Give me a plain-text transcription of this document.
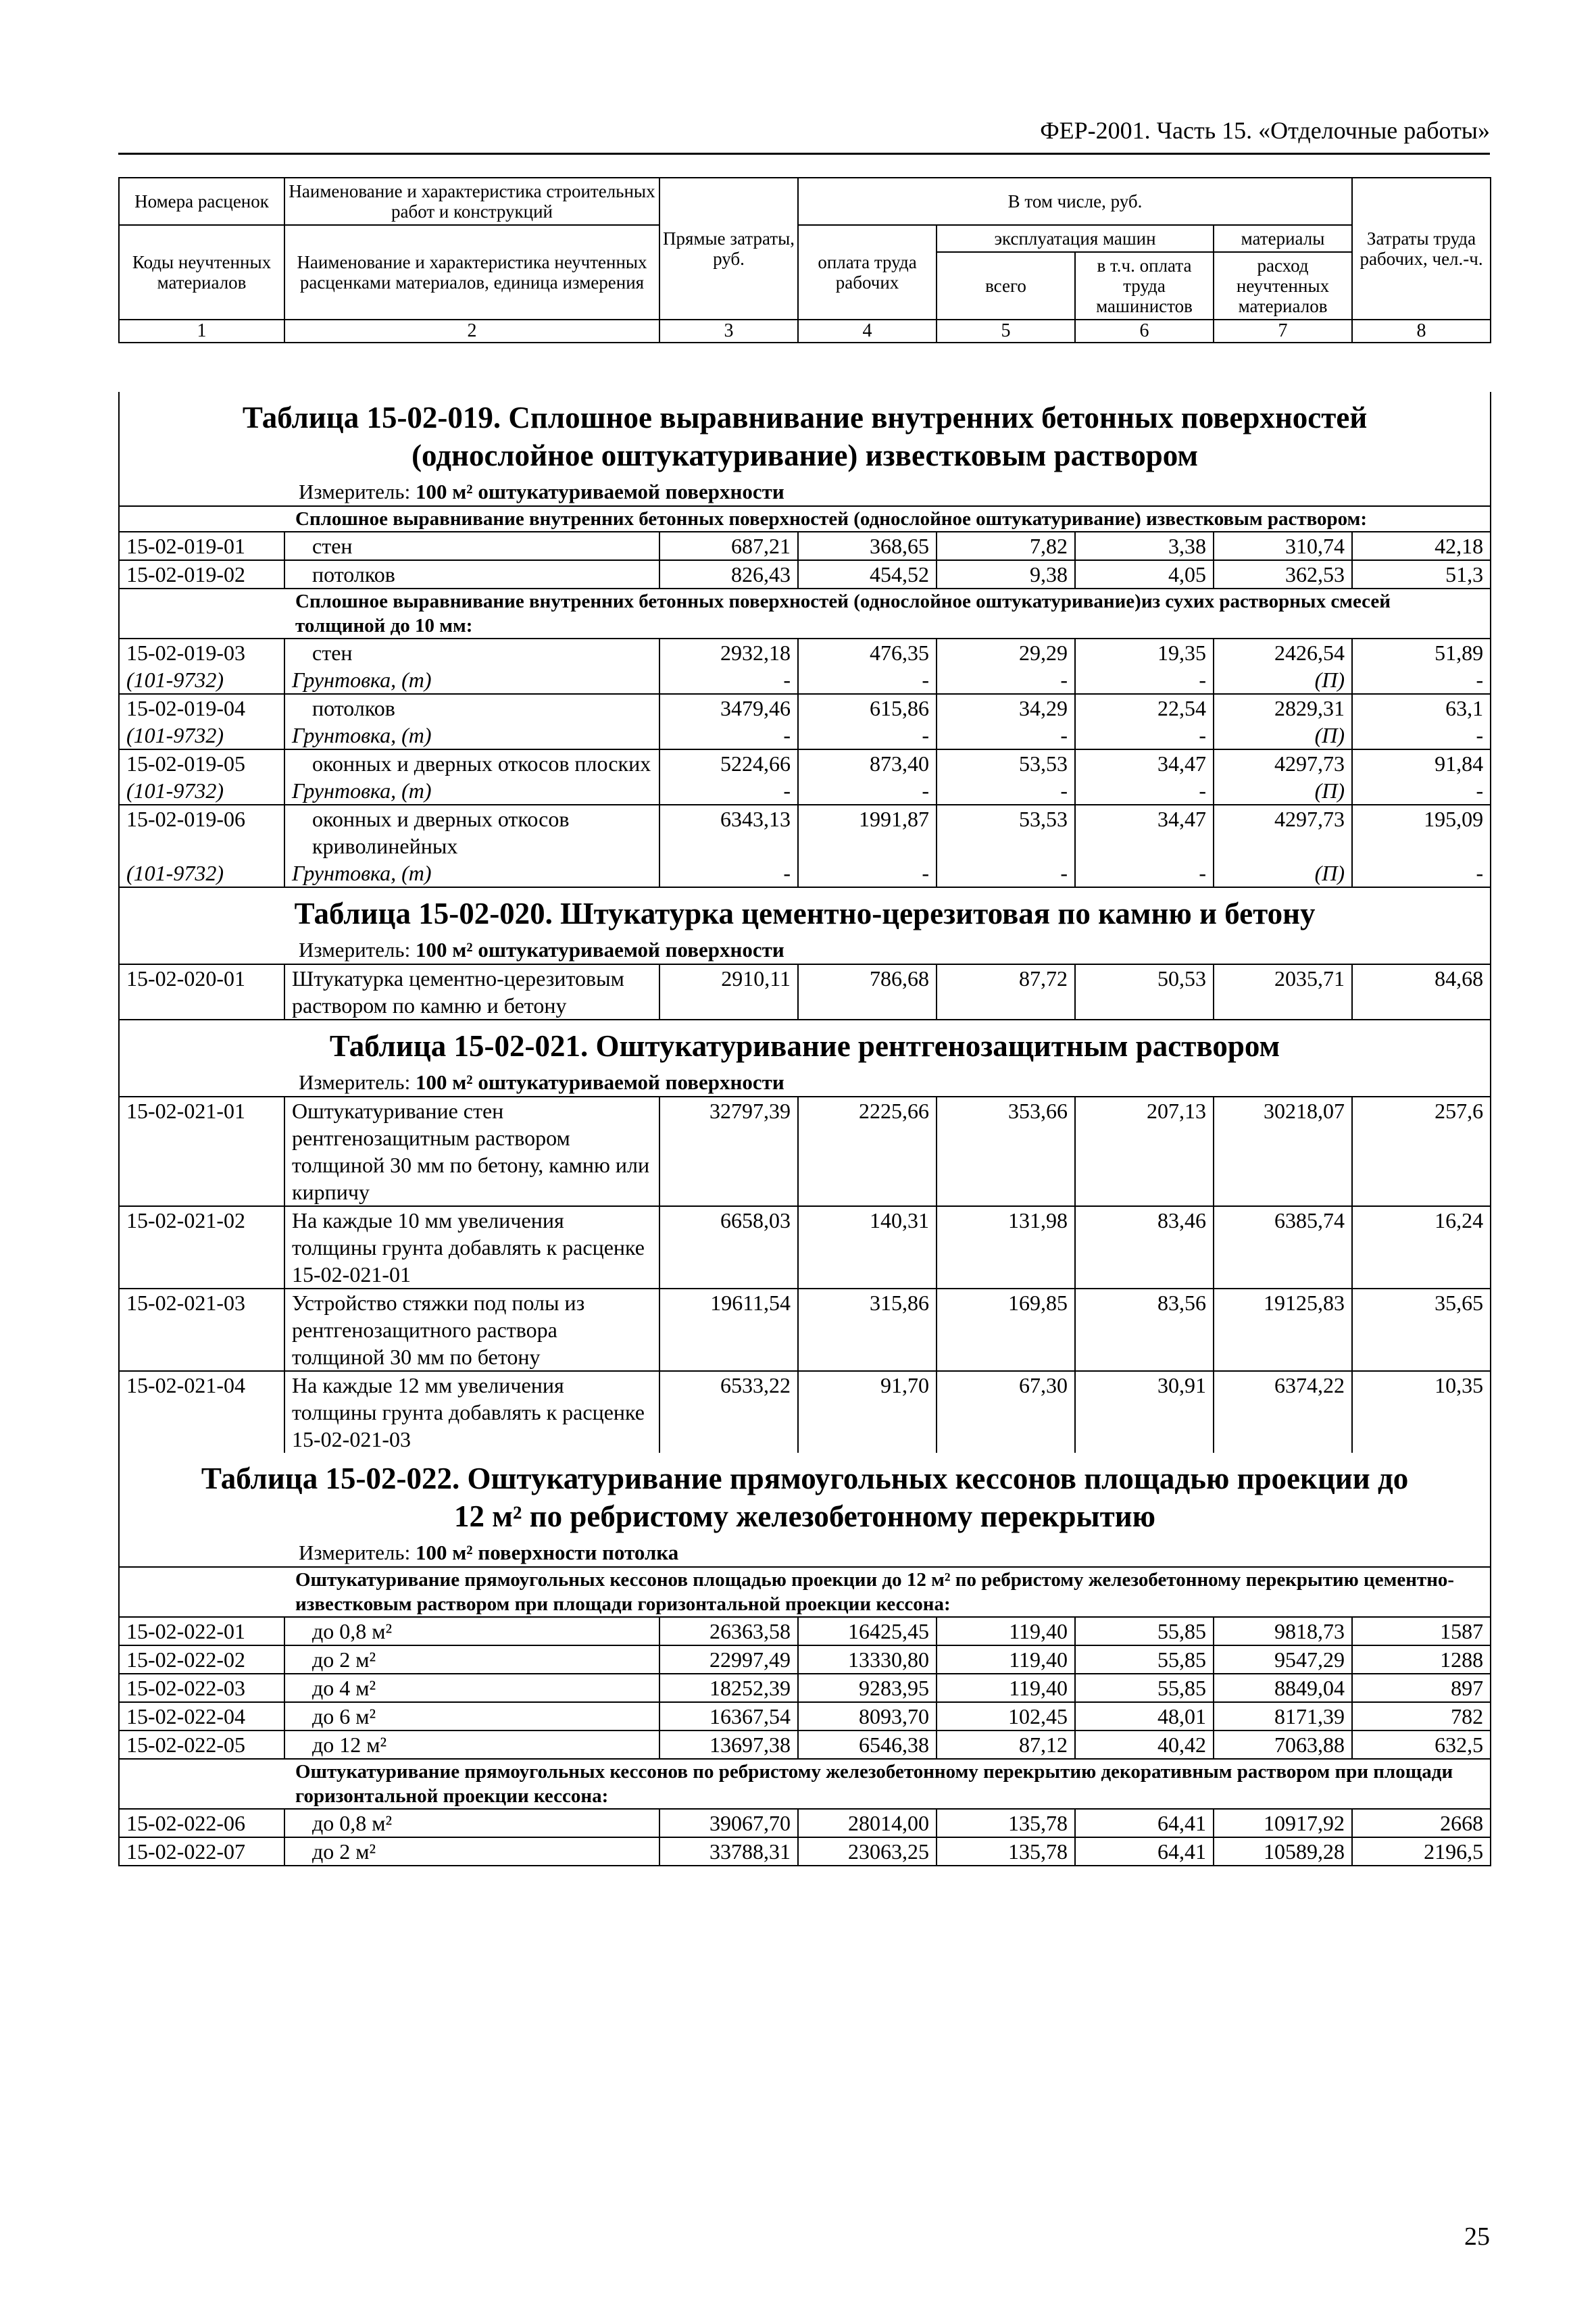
ФЕР-2001. Часть 15. «Отделочные работы»
Номера расценок	Наименование и характеристика строительных работ и конструкций	Прямые затраты, руб.	В том числе, руб.				Затраты труда рабочих, чел.-ч.
Коды неучтенных материалов	Наименование и характеристика неучтенных расценками материалов, единица измерения		оплата труда рабочих	эксплуатация машин		материалы	
				всего	в т.ч. оплата труда машинистов	расход неучтенных материалов	

1	2	3	4	5	6	7	8
Таблица 15-02-019. Сплошное выравнивание внутренних бетонных поверхностей
(однослойное оштукатуривание) известковым раствором							
Измеритель: 100 м² оштукатуриваемой поверхности							
Сплошное выравнивание внутренних бетонных поверхностей (однослойное оштукатуривание) известковым раствором:							
15-02-019-01	стен	687,21	368,65	7,82	3,38	310,74	42,18
15-02-019-02	потолков	826,43	454,52	9,38	4,05	362,53	51,3
Сплошное выравнивание внутренних бетонных поверхностей (однослойное оштукатуривание)из сухих растворных смесей толщиной до 10 мм:							
15-02-019-03	стен	2932,18	476,35	29,29	19,35	2426,54	51,89
(101-9732)	Грунтовка, (т)	-	-	-	-	(П)	-
15-02-019-04	потолков	3479,46	615,86	34,29	22,54	2829,31	63,1
(101-9732)	Грунтовка, (т)	-	-	-	-	(П)	-
15-02-019-05	оконных и дверных откосов плоских	5224,66	873,40	53,53	34,47	4297,73	91,84
(101-9732)	Грунтовка, (т)	-	-	-	-	(П)	-
15-02-019-06	оконных и дверных откосов криволинейных	6343,13	1991,87	53,53	34,47	4297,73	195,09
(101-9732)	Грунтовка, (т)	-	-	-	-	(П)	-
Таблица 15-02-020. Штукатурка цементно-церезитовая по камню и бетону							
Измеритель: 100 м² оштукатуриваемой поверхности							
15-02-020-01	Штукатурка цементно-церезитовым раствором по камню и бетону	2910,11	786,68	87,72	50,53	2035,71	84,68
Таблица 15-02-021. Оштукатуривание рентгенозащитным раствором							
Измеритель: 100 м² оштукатуриваемой поверхности							
15-02-021-01	Оштукатуривание стен рентгенозащитным раствором толщиной 30 мм по бетону, камню или кирпичу	32797,39	2225,66	353,66	207,13	30218,07	257,6
15-02-021-02	На каждые 10 мм увеличения толщины грунта добавлять к расценке 15-02-021-01	6658,03	140,31	131,98	83,46	6385,74	16,24
15-02-021-03	Устройство стяжки под полы из рентгенозащитного раствора толщиной 30 мм по бетону	19611,54	315,86	169,85	83,56	19125,83	35,65
15-02-021-04	На каждые 12 мм увеличения толщины грунта добавлять к расценке 15-02-021-03	6533,22	91,70	67,30	30,91	6374,22	10,35
Таблица 15-02-022. Оштукатуривание прямоугольных кессонов площадью проекции до
12 м² по ребристому железобетонному перекрытию							
Измеритель: 100 м² поверхности потолка							
Оштукатуривание прямоугольных кессонов площадью проекции до 12 м² по ребристому железобетонному перекрытию цементно-известковым раствором при площади горизонтальной проекции кессона:							
15-02-022-01	до 0,8 м²	26363,58	16425,45	119,40	55,85	9818,73	1587
15-02-022-02	до 2 м²	22997,49	13330,80	119,40	55,85	9547,29	1288
15-02-022-03	до 4 м²	18252,39	9283,95	119,40	55,85	8849,04	897
15-02-022-04	до 6 м²	16367,54	8093,70	102,45	48,01	8171,39	782
15-02-022-05	до 12 м²	13697,38	6546,38	87,12	40,42	7063,88	632,5
Оштукатуривание прямоугольных кессонов по ребристому железобетонному перекрытию декоративным раствором при площади горизонтальной проекции кессона:							
15-02-022-06	до 0,8 м²	39067,70	28014,00	135,78	64,41	10917,92	2668
15-02-022-07	до 2 м²	33788,31	23063,25	135,78	64,41	10589,28	2196,5
25
